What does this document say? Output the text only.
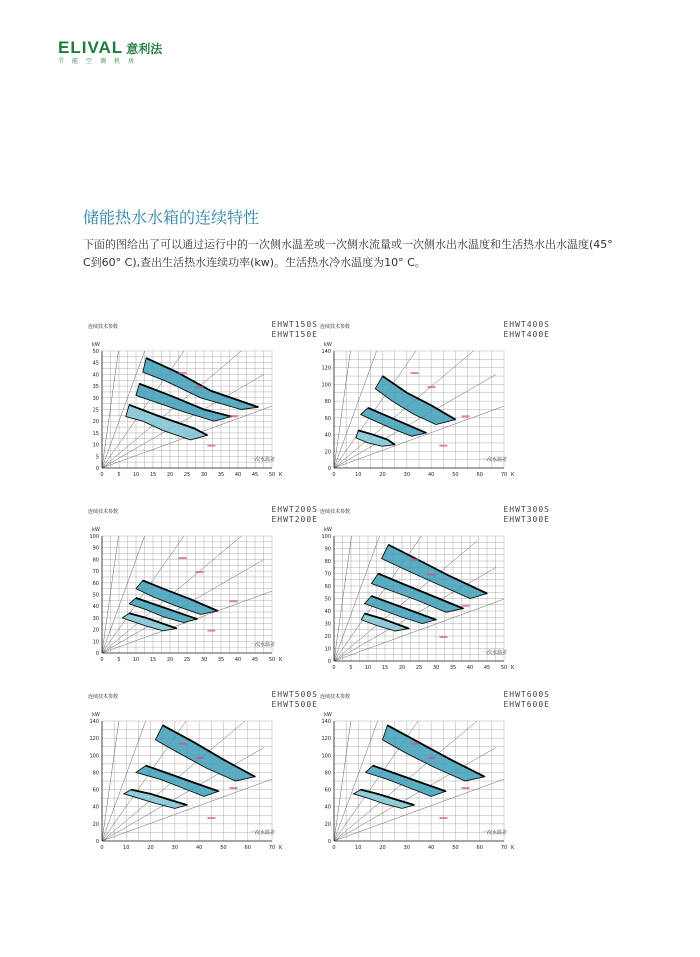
ELIVAL 意利法
节能空调机房
储能热水水箱的连续特性
下面的图给出了可以通过运行中的一次侧水温差或一次侧水流量或一次侧水出水温度和生活热水出水温度(45° C到60° C),查出生活热水连续功率(kw)。生活热水冷水温度为10° C。
连续技术参数	EHWT150S
EHWT150E
0	5 10 15 20 25 30 35 40 45 50 K
0
5
10
15
20
25
30
35
40
45
50
kW
一次水温差
连续技术参数	EHWT400S
EHWT400E
0	10	20	30	40	50	60	70 K
0
20
40
60
80
100
120
140
kW
一次水温差
连续技术参数	EHWT200S
EHWT200E
0	5 10 15 20 25 30 35 40 45 50 K
0
10
20
30
40
50
60
70
80
90
100
kW
一次水温差
连续技术参数	EHWT300S
EHWT300E
0	5 10 15 20 25 30 35 40 45 50 K
0
10
20
30
40
50
60
70
80
90
100
kW
一次水温差
连续技术参数	EHWT500S
EHWT500E
0	10	20	30	40	50	60	70 K
0
20
40
60
80
100
120
140
kW
一次水温差
连续技术参数	EHWT600S
EHWT600E
0	10	20	30	40	50	60	70 K
0
20
40
60
80
100
120
140
kW
一次水温差
